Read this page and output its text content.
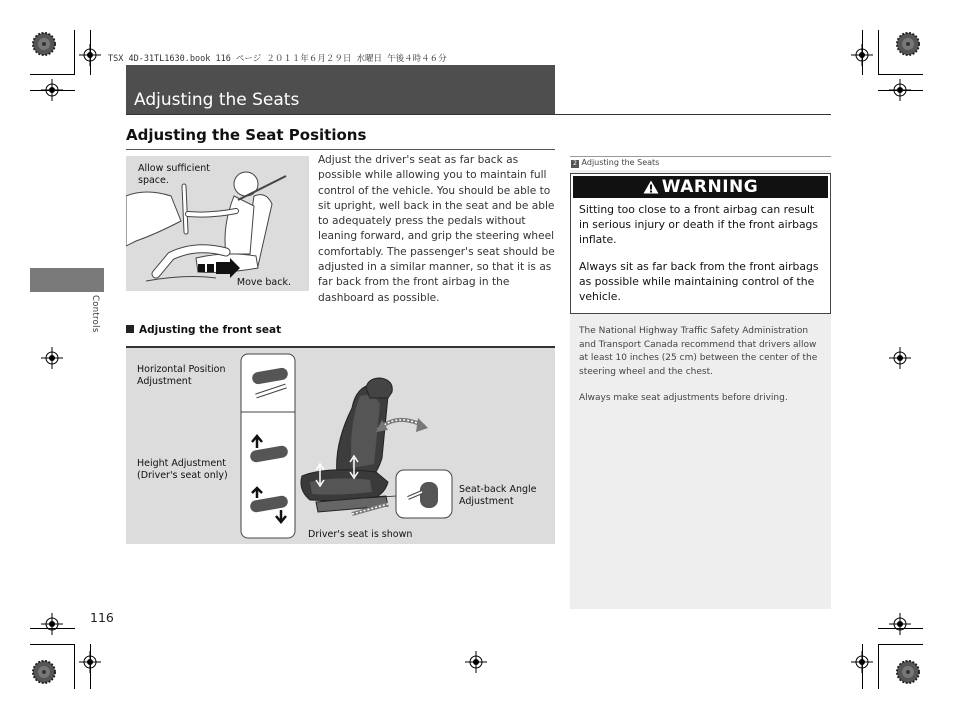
TSX 4D-31TL1630.book 116 ページ ２０１１年６月２９日 水曜日 午後４時４６分
Adjusting the Seats
Controls
116
Adjusting the Seat Positions
Allow sufficient space.
Move back.
Adjust the driver's seat as far back as possible while allowing you to maintain full control of the vehicle. You should be able to sit upright, well back in the seat and be able to adequately press the pedals without leaning forward, and grip the steering wheel comfortably. The passenger's seat should be adjusted in a similar manner, so that it is as far back from the front airbag in the dashboard as possible.
Adjusting the front seat
Horizontal Position Adjustment
Height Adjustment (Driver's seat only)
Seat-back Angle Adjustment
Driver's seat is shown
2 Adjusting the Seats
WARNING
Sitting too close to a front airbag can result in serious injury or death if the front airbags inflate.
Always sit as far back from the front airbags as possible while maintaining control of the vehicle.
The National Highway Traffic Safety Administration and Transport Canada recommend that drivers allow at least 10 inches (25 cm) between the center of the steering wheel and the chest.
Always make seat adjustments before driving.
